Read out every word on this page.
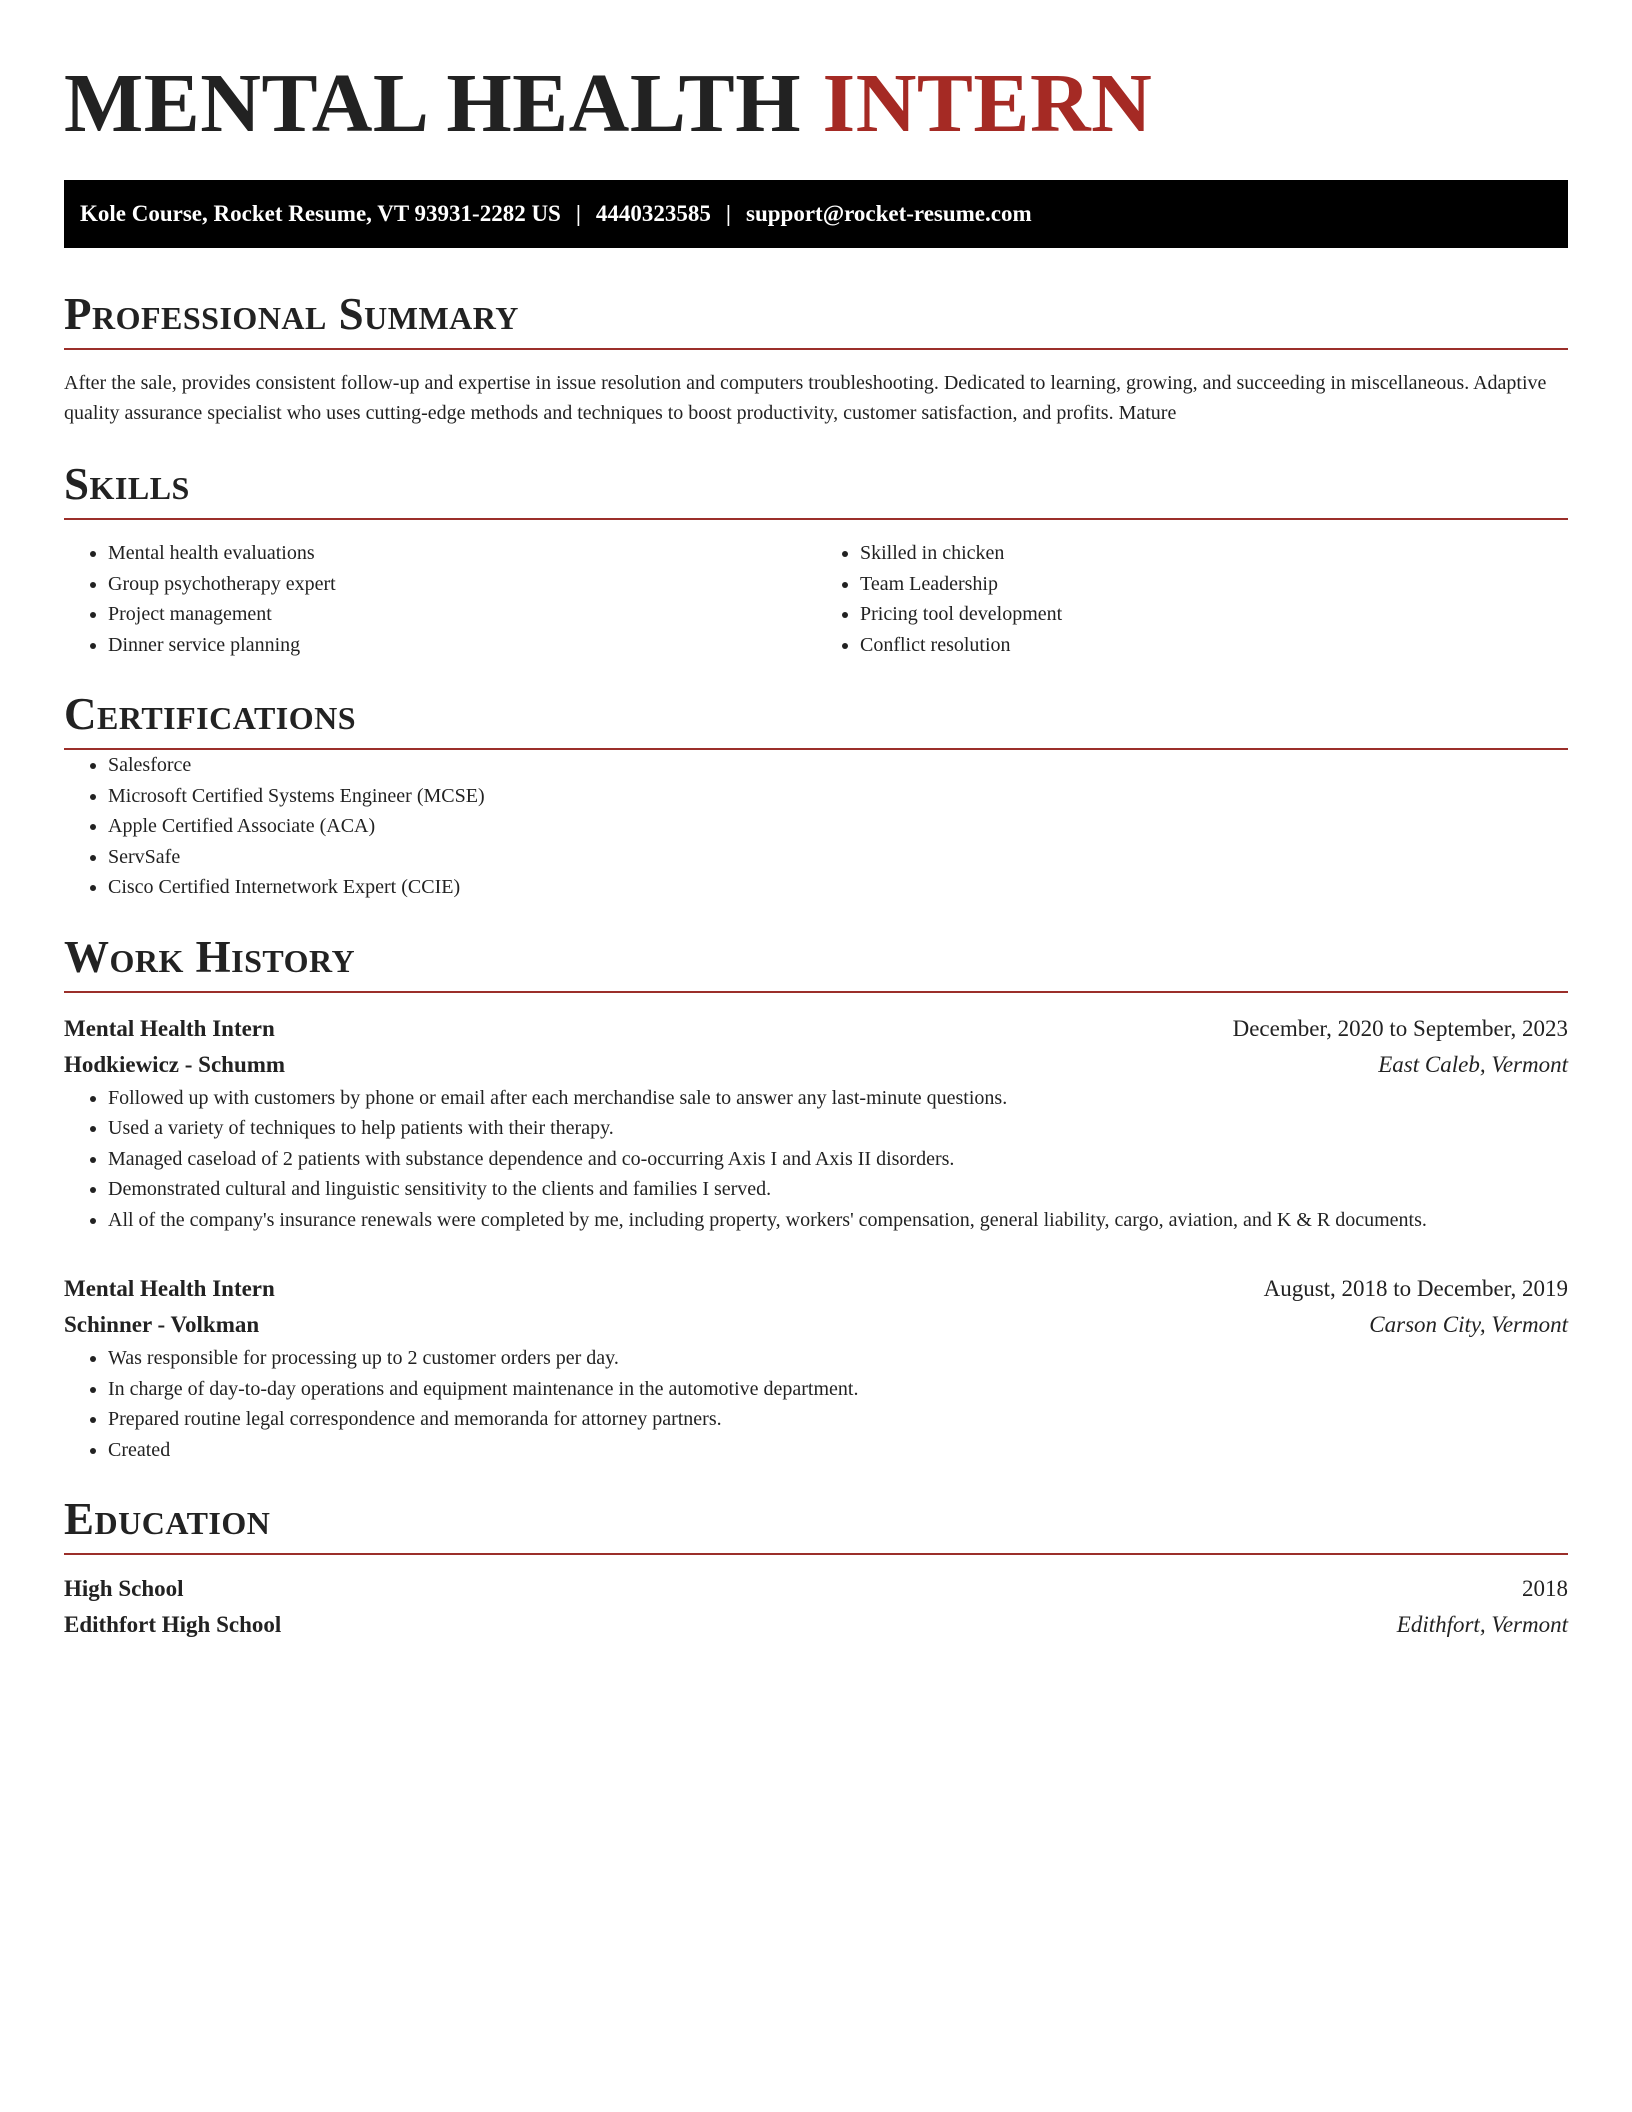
MENTAL HEALTH INTERN
Kole Course, Rocket Resume, VT 93931-2282 US | 4440323585 | support@rocket-resume.com
Professional Summary

After the sale, provides consistent follow-up and expertise in issue resolution and computers troubleshooting. Dedicated to learning, growing, and succeeding in miscellaneous. Adaptive quality assurance specialist who uses cutting-edge methods and techniques to boost productivity, customer satisfaction, and profits. Mature

Skills
• Mental health evaluations
• Group psychotherapy expert
• Project management
• Dinner service planning
• Skilled in chicken
• Team Leadership
• Pricing tool development
• Conflict resolution
Certifications
• Salesforce
• Microsoft Certified Systems Engineer (MCSE)
• Apple Certified Associate (ACA)
• ServSafe
• Cisco Certified Internetwork Expert (CCIE)
Work History
Mental Health Intern	December, 2020 to September, 2023
Hodkiewicz - Schumm	East Caleb, Vermont
• Followed up with customers by phone or email after each merchandise sale to answer any last-minute questions.
• Used a variety of techniques to help patients with their therapy.
• Managed caseload of 2 patients with substance dependence and co-occurring Axis I and Axis II disorders.
• Demonstrated cultural and linguistic sensitivity to the clients and families I served.
• All of the company's insurance renewals were completed by me, including property, workers' compensation, general liability, cargo, aviation, and K & R documents.
Mental Health Intern	August, 2018 to December, 2019
Schinner - Volkman	Carson City, Vermont
• Was responsible for processing up to 2 customer orders per day.
• In charge of day-to-day operations and equipment maintenance in the automotive department.
• Prepared routine legal correspondence and memoranda for attorney partners.
• Created
Education
High School	2018
Edithfort High School	Edithfort, Vermont
